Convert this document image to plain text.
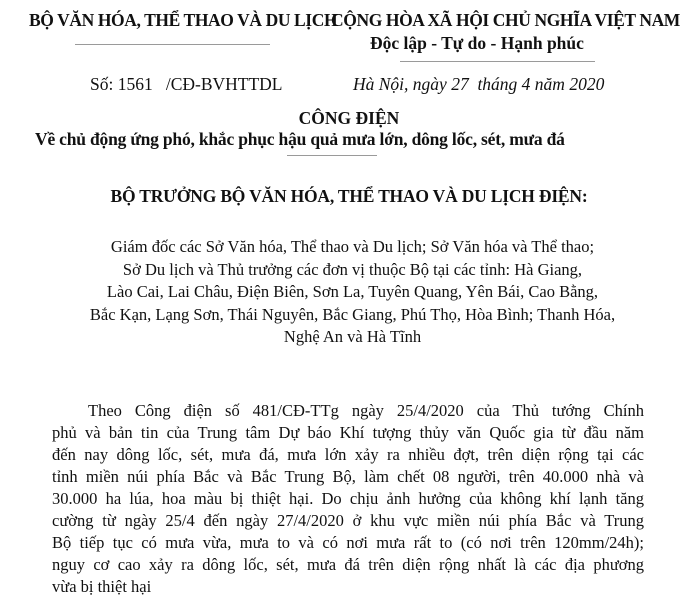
BỘ VĂN HÓA, THỂ THAO VÀ DU LỊCH
CỘNG HÒA XÃ HỘI CHỦ NGHĨA VIỆT NAM
Độc lập - Tự do - Hạnh phúc
Số: 1561   /CĐ-BVHTTDL	Hà Nội, ngày 27  tháng 4 năm 2020
CÔNG ĐIỆN
Về chủ động ứng phó, khắc phục hậu quả mưa lớn, dông lốc, sét, mưa đá
BỘ TRƯỞNG BỘ VĂN HÓA, THỂ THAO VÀ DU LỊCH ĐIỆN:
Giám đốc các Sở Văn hóa, Thể thao và Du lịch; Sở Văn hóa và Thể thao;
Sở Du lịch và Thủ trưởng các đơn vị thuộc Bộ tại các tỉnh: Hà Giang,
Lào Cai, Lai Châu, Điện Biên, Sơn La, Tuyên Quang, Yên Bái, Cao Bằng,
Bắc Kạn, Lạng Sơn, Thái Nguyên, Bắc Giang, Phú Thọ, Hòa Bình; Thanh Hóa,
Nghệ An và Hà Tĩnh
Theo Công điện số 481/CĐ-TTg ngày 25/4/2020 của Thủ tướng Chính
phủ và bản tin của Trung tâm Dự báo Khí tượng thủy văn Quốc gia từ đầu năm
đến nay dông lốc, sét, mưa đá, mưa lớn xảy ra nhiều đợt, trên diện rộng tại các
tỉnh miền núi phía Bắc và Bắc Trung Bộ, làm chết 08 người, trên 40.000 nhà và
30.000 ha lúa, hoa màu bị thiệt hại. Do chịu ảnh hưởng của không khí lạnh tăng
cường từ ngày 25/4 đến ngày 27/4/2020 ở khu vực miền núi phía Bắc và Trung
Bộ tiếp tục có mưa vừa, mưa to và có nơi mưa rất to (có nơi trên 120mm/24h);
nguy cơ cao xảy ra dông lốc, sét, mưa đá trên diện rộng nhất là các địa phương
vừa bị thiệt hại
